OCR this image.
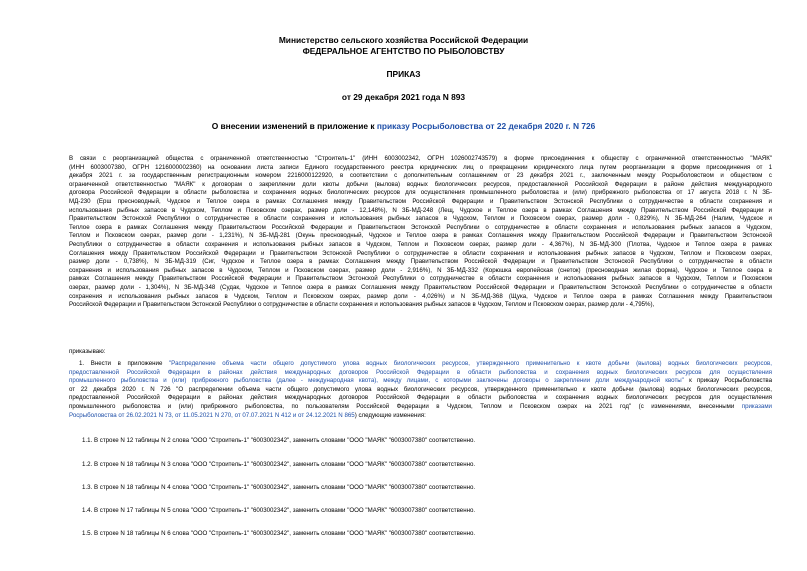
Министерство сельского хозяйства Российской Федерации
ФЕДЕРАЛЬНОЕ АГЕНТСТВО ПО РЫБОЛОВСТВУ
ПРИКАЗ
от 29 декабря 2021 года N 893
О внесении изменений в приложение к приказу Росрыболовства от 22 декабря 2020 г. N 726
В связи с реорганизацией общества с ограниченной ответственностью "Строитель-1" (ИНН 6003002342, ОГРН 1026002743579) в форме присоединения к обществу с ограниченной ответственностью "МАЯК"
(ИНН 6003007380, ОГРН 1216000002360) на основании листа записи Единого государственного реестра юридических лиц о прекращении юридического лица путем реорганизации в форме присоединения от 1
декабря 2021 г. за государственным регистрационным номером 2216000122920, в соответствии с дополнительным соглашением от 23 декабря 2021 г., заключенным между Росрыболовством и обществом с
ограниченной ответственностью "МАЯК" к договорам о закреплении доли квоты добычи (вылова) водных биологических ресурсов, предоставленной Российской Федерации в районе действия международного
договора Российской Федерации в области рыболовства и сохранения водных биологических ресурсов для осуществления промышленного рыболовства и (или) прибрежного рыболовства от 17 августа 2018 г. N ЗБ-
МД-230 (Ерш пресноводный, Чудское и Теплое озера в рамках Соглашения между Правительством Российской Федерации и Правительством Эстонской Республики о сотрудничестве в области сохранения и
использования рыбных запасов в Чудском, Теплом и Псковском озерах, размер доли - 12,148%), N ЗБ-МД-248 (Лещ, Чудское и Теплое озера в рамках Соглашения между Правительством Российской Федерации и
Правительством Эстонской Республики о сотрудничестве в области сохранения и использования рыбных запасов в Чудском, Теплом и Псковском озерах, размер доли - 0,829%), N ЗБ-МД-264 (Налим, Чудское и
Теплое озера в рамках Соглашения между Правительством Российской Федерации и Правительством Эстонской Республики о сотрудничестве в области сохранения и использования рыбных запасов в Чудском,
Теплом и Псковском озерах, размер доли - 1,231%), N ЗБ-МД-281 (Окунь пресноводный, Чудское и Теплое озера в рамках Соглашения между Правительством Российской Федерации и Правительством Эстонской
Республики о сотрудничестве в области сохранения и использования рыбных запасов в Чудском, Теплом и Псковском озерах, размер доли - 4,367%), N ЗБ-МД-300 (Плотва, Чудское и Теплое озера в рамках
Соглашения между Правительством Российской Федерации и Правительством Эстонской Республики о сотрудничестве в области сохранения и использования рыбных запасов в Чудском, Теплом и Псковском озерах,
размер доли - 0,738%), N ЗБ-МД-319 (Сиг, Чудское и Теплое озера в рамках Соглашения между Правительством Российской Федерации и Правительством Эстонской Республики о сотрудничестве в области
сохранения и использования рыбных запасов в Чудском, Теплом и Псковском озерах, размер доли - 2,916%), N ЗБ-МД-332 (Корюшка европейская (снеток) (пресноводная жилая форма), Чудское и Теплое озера в
рамках Соглашения между Правительством Российской Федерации и Правительством Эстонской Республики о сотрудничестве в области сохранения и использования рыбных запасов в Чудском, Теплом и Псковском
озерах, размер доли - 1,304%), N ЗБ-МД-348 (Судак, Чудское и Теплое озера в рамках Соглашения между Правительством Российской Федерации и Правительством Эстонской Республики о сотрудничестве в области
сохранения и использования рыбных запасов в Чудском, Теплом и Псковском озерах, размер доли - 4,026%) и N ЗБ-МД-368 (Щука, Чудское и Теплое озера в рамках Соглашения между Правительством
Российской Федерации и Правительством Эстонской Республики о сотрудничестве в области сохранения и использования рыбных запасов в Чудском, Теплом и Псковском озерах, размер доли - 4,795%),
приказываю:
1. Внести в приложение "Распределение объема части общего допустимого улова водных биологических ресурсов, утвержденного применительно к квоте добычи (вылова) водных биологических ресурсов,
предоставленной Российской Федерации в районах действия международных договоров Российской Федерации в области рыболовства и сохранения водных биологических ресурсов для осуществления
промышленного рыболовства и (или) прибрежного рыболовства (далее - международная квота), между лицами, с которыми заключены договоры о закреплении доли международной квоты" к приказу Росрыболовства
от 22 декабря 2020 г. N 726 "О распределении объема части общего допустимого улова водных биологических ресурсов, утвержденного применительно к квоте добычи (вылова) водных биологических ресурсов,
предоставленной Российской Федерации в районах действия международных договоров Российской Федерации в области рыболовства и сохранения водных биологических ресурсов для осуществления
промышленного рыболовства и (или) прибрежного рыболовства, по пользователям Российской Федерации в Чудском, Теплом и Псковском озерах на 2021 год" (с изменениями, внесенными приказами
Росрыболовства от 26.02.2021 N 73, от 11.05.2021 N 270, от 07.07.2021 N 412 и от 24.12.2021 N 865) следующие изменения:
1.1. В строке N 12 таблицы N 2 слова "ООО "Строитель-1" "6003002342", заменить словами "ООО "МАЯК" "6003007380" соответственно.
1.2. В строке N 18 таблицы N 3 слова "ООО "Строитель-1" "6003002342", заменить словами "ООО "МАЯК" "6003007380" соответственно.
1.3. В строке N 18 таблицы N 4 слова "ООО "Строитель-1" "6003002342", заменить словами "ООО "МАЯК" "6003007380" соответственно.
1.4. В строке N 17 таблицы N 5 слова "ООО "Строитель-1" "6003002342", заменить словами "ООО "МАЯК" "6003007380" соответственно.
1.5. В строке N 18 таблицы N 6 слова "ООО "Строитель-1" "6003002342", заменить словами "ООО "МАЯК" "6003007380" соответственно.
